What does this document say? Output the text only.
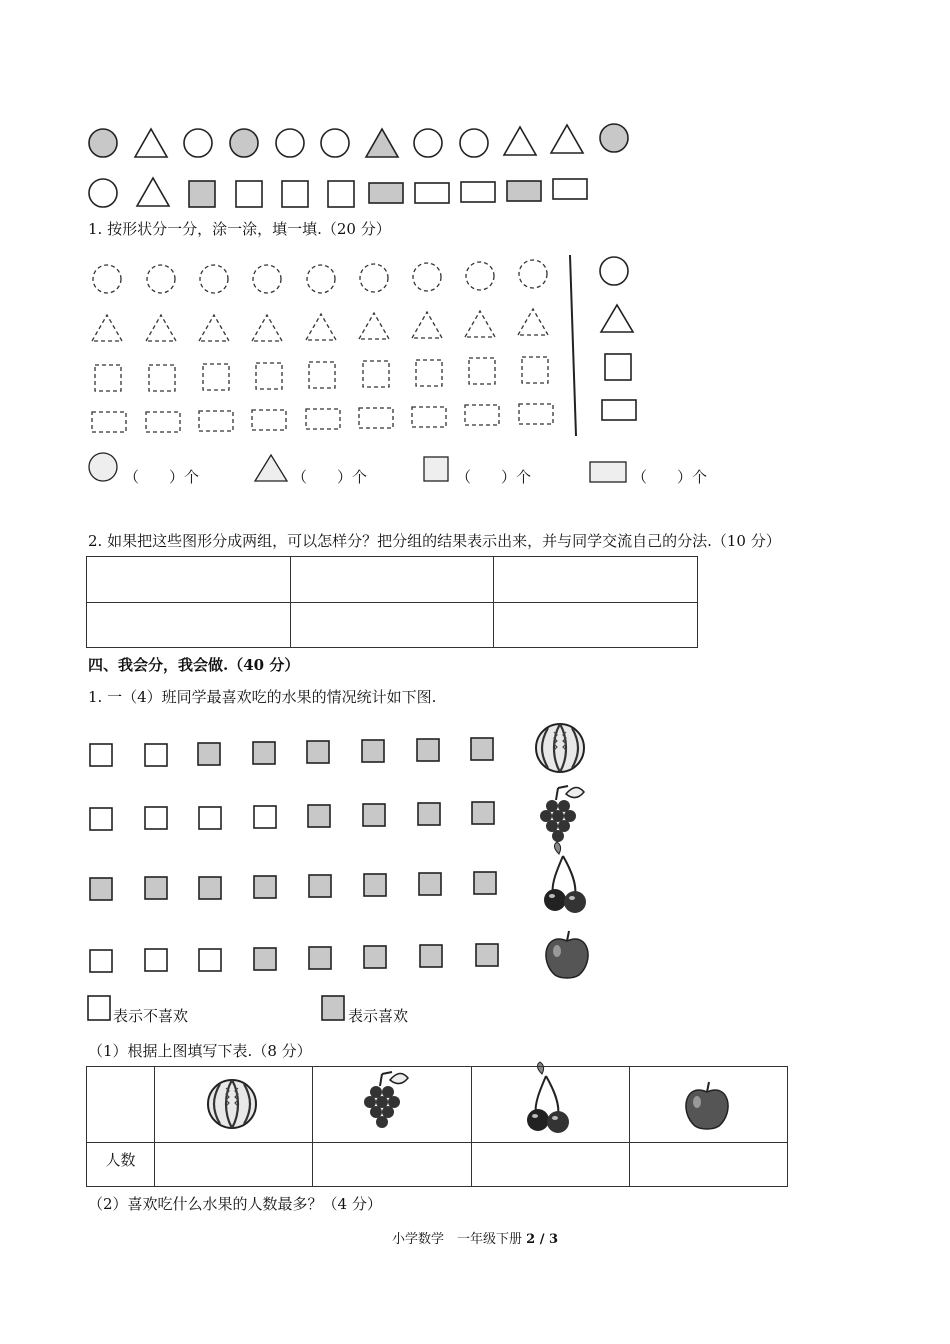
1. 按形状分一分，涂一涂，填一填.（20 分）
（　　）个	（　　）个	（　　）个	（　　）个
2. 如果把这些图形分成两组，可以怎样分？把分组的结果表示出来，并与同学交流自己的分法.（10 分）

四、我会分，我会做.（40 分）
1. 一（4）班同学最喜欢吃的水果的情况统计如下图.
表示不喜欢	表示喜欢
（1）根据上图填写下表.（8 分）

人数				
（2）喜欢吃什么水果的人数最多？（4 分）
小学数学　一年级下册 2 / 3
